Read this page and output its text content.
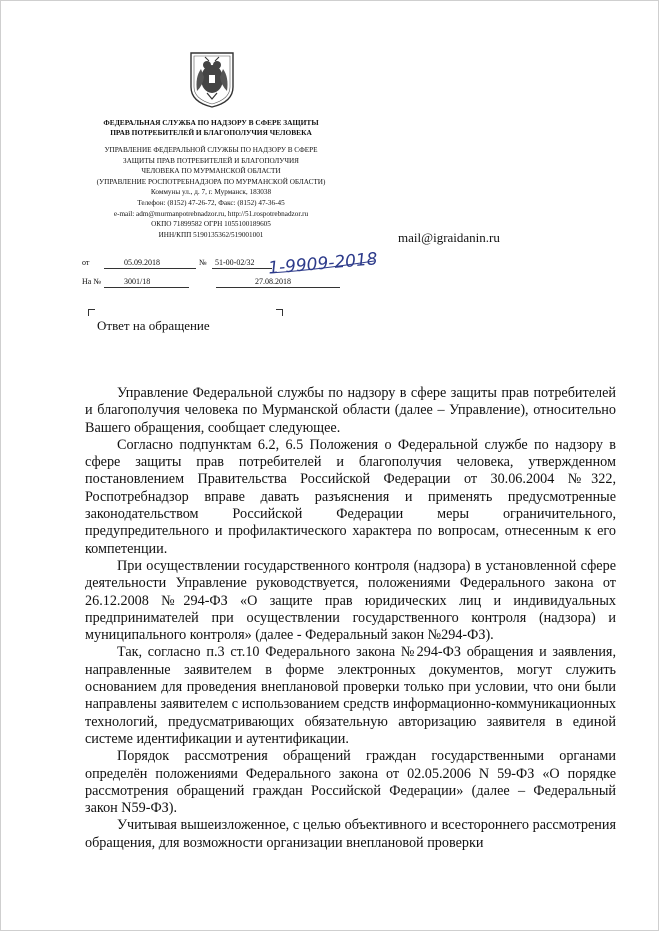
ФЕДЕРАЛЬНАЯ СЛУЖБА ПО НАДЗОРУ В СФЕРЕ ЗАЩИТЫ
ПРАВ ПОТРЕБИТЕЛЕЙ И БЛАГОПОЛУЧИЯ ЧЕЛОВЕКА
УПРАВЛЕНИЕ ФЕДЕРАЛЬНОЙ СЛУЖБЫ ПО НАДЗОРУ В СФЕРЕ
ЗАЩИТЫ ПРАВ ПОТРЕБИТЕЛЕЙ И БЛАГОПОЛУЧИЯ
ЧЕЛОВЕКА ПО МУРМАНСКОЙ ОБЛАСТИ
(УПРАВЛЕНИЕ РОСПОТРЕБНАДЗОРА ПО МУРМАНСКОЙ ОБЛАСТИ)
Коммуны ул., д. 7, г. Мурманск, 183038
Телефон: (8152) 47-26-72, Факс: (8152) 47-36-45
e-mail: adm@murmanpotrebnadzor.ru, http://51.rospotrebnadzor.ru
ОКПО 71899582 ОГРН 1055100189605
ИНН/КПП 5190135362/519001001	mail@igraidanin.ru
от	05.09.2018	№ 51-00-02/32 1-9909-2018
На №	3001/18	27.08.2018
Ответ на обращение

Управление Федеральной службы по надзору в сфере защиты прав потребителей и благополучия человека по Мурманской области (далее – Управление), относительно Вашего обращения, сообщает следующее.

Согласно подпунктам 6.2, 6.5 Положения о Федеральной службе по надзору в сфере защиты прав потребителей и благополучия человека, утвержденном постановлением Правительства Российской Федерации от 30.06.2004 №322, Роспотребнадзор вправе давать разъяснения и применять предусмотренные законодательством Российской Федерации меры ограничительного, предупредительного и профилактического характера по вопросам, отнесенным к его компетенции.

При осуществлении государственного контроля (надзора) в установленной сфере деятельности Управление руководствуется, положениями Федерального закона от 26.12.2008 №294-ФЗ «О защите прав юридических лиц и индивидуальных предпринимателей при осуществлении государственного контроля (надзора) и муниципального контроля» (далее - Федеральный закон №294-ФЗ).

Так, согласно п.3 ст.10 Федерального закона №294-ФЗ обращения и заявления, направленные заявителем в форме электронных документов, могут служить основанием для проведения внеплановой проверки только при условии, что они были направлены заявителем с использованием средств информационно-коммуникационных технологий, предусматривающих обязательную авторизацию заявителя в единой системе идентификации и аутентификации.

Порядок рассмотрения обращений граждан государственными органами определён положениями Федерального закона от 02.05.2006 N 59-ФЗ «О порядке рассмотрения обращений граждан Российской Федерации» (далее – Федеральный закон N59-ФЗ).

Учитывая вышеизложенное, с целью объективного и всестороннего рассмотрения обращения, для возможности организации внеплановой проверки
